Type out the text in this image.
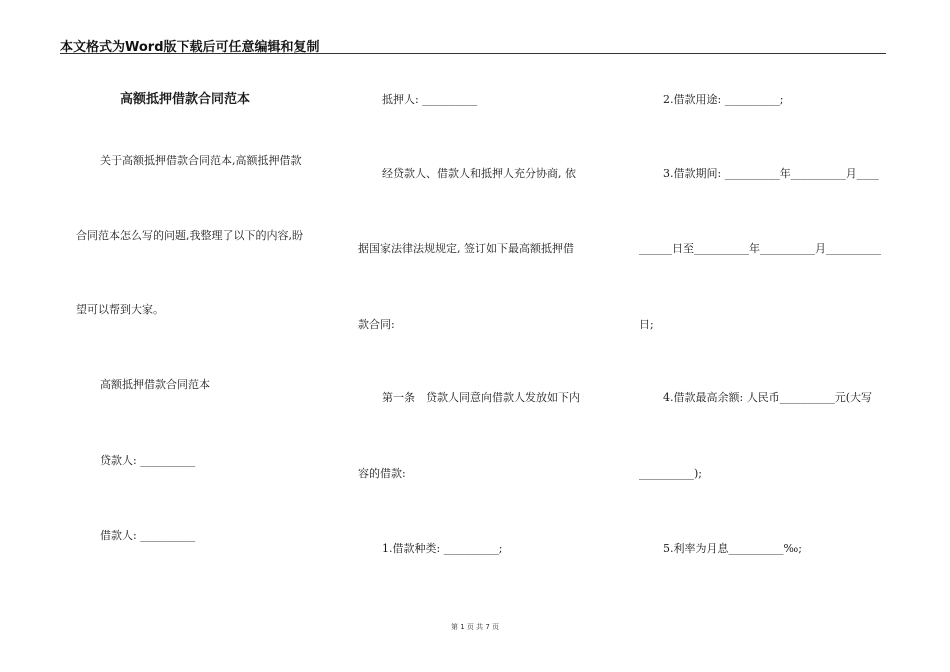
本文格式为Word版下载后可任意编辑和复制
高额抵押借款合同范本
关于高额抵押借款合同范本,高额抵押借款
合同范本怎么写的问题,我整理了以下的内容,盼
望可以帮到大家。
高额抵押借款合同范本
贷款人: __________
借款人: __________
抵押人: __________
经贷款人、借款人和抵押人充分协商, 依
据国家法律法规规定, 签订如下最高额抵押借
款合同:
第一条　贷款人同意向借款人发放如下内
容的借款:
1.借款种类: __________;
2.借款用途: __________;
3.借款期间: __________年__________月____
______日至__________年__________月__________
日;
4.借款最高余额: 人民币__________元(大写
__________);
5.利率为月息__________‰;
第 1 页 共 7 页
